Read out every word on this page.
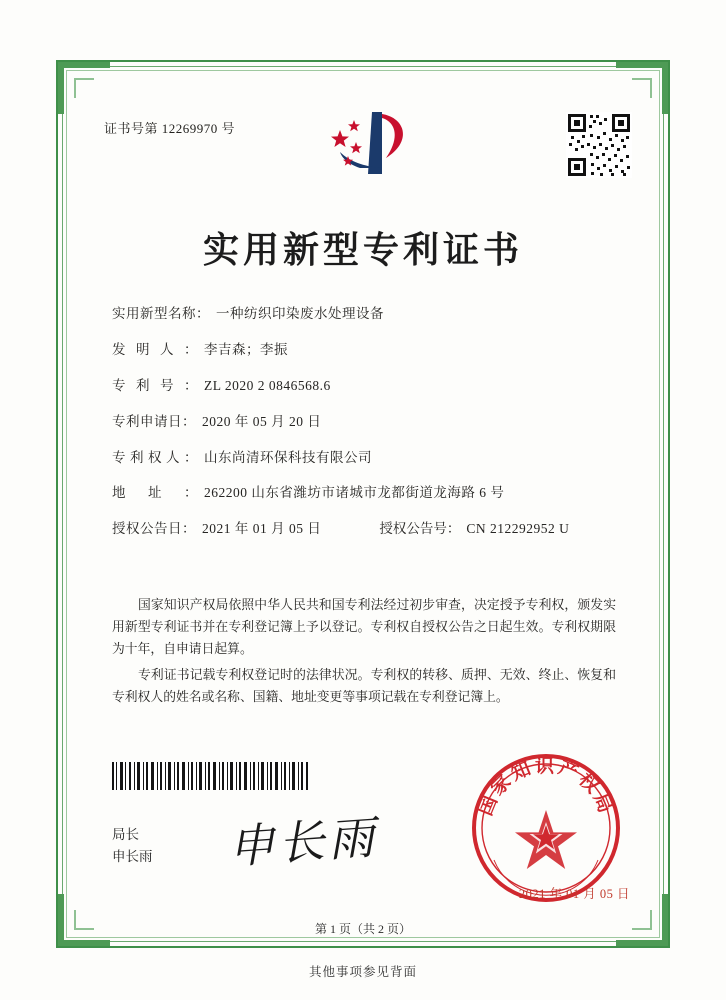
证书号第 12269970 号
实用新型专利证书
实用新型名称： 一种纺织印染废水处理设备
发明人： 李吉森；李振
专利号： ZL 2020 2 0846568.6
专利申请日： 2020 年 05 月 20 日
专利权人： 山东尚清环保科技有限公司
地址： 262200 山东省潍坊市诸城市龙都街道龙海路 6 号
授权公告日： 2021 年 01 月 05 日	授权公告号： CN 212292952 U

国家知识产权局依照中华人民共和国专利法经过初步审查，决定授予专利权，颁发实用新型专利证书并在专利登记簿上予以登记。专利权自授权公告之日起生效。专利权期限为十年，自申请日起算。

专利证书记载专利权登记时的法律状况。专利权的转移、质押、无效、终止、恢复和专利权人的姓名或名称、国籍、地址变更等事项记载在专利登记簿上。

局长
申长雨 申长雨
国家知识产权局
2021 年 01 月 05 日
第 1 页（共 2 页）
其他事项参见背面
